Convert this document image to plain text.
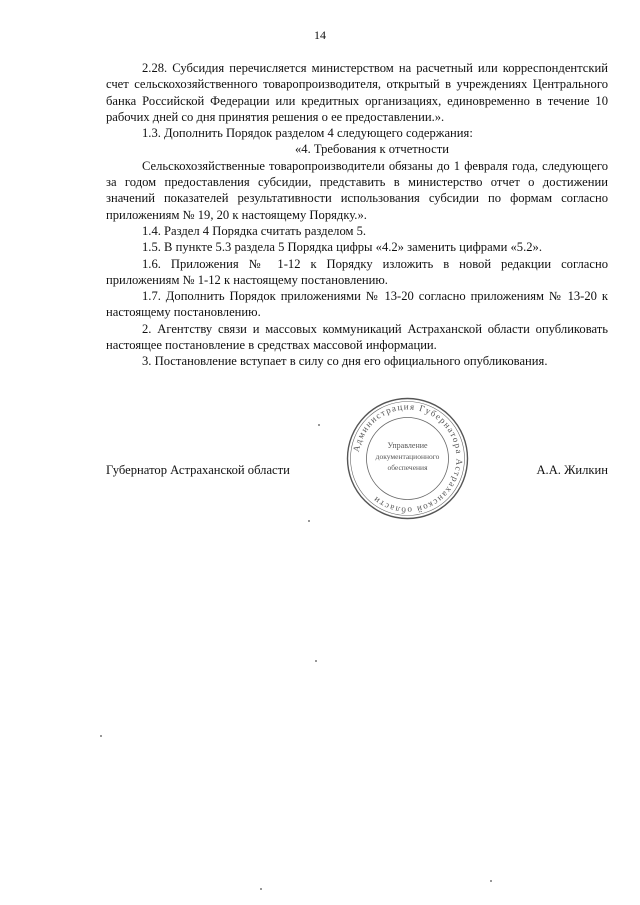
14

2.28. Субсидия перечисляется министерством на расчетный или корреспондентский счет сельскохозяйственного товаропроизводителя, открытый в учреждениях Центрального банка Российской Федерации или кредитных организациях, единовременно в течение 10 рабочих дней со дня принятия решения о ее предоставлении.».

1.3. Дополнить Порядок разделом 4 следующего содержания:

«4. Требования к отчетности

Сельскохозяйственные товаропроизводители обязаны до 1 февраля года, следующего за годом предоставления субсидии, представить в министерство отчет о достижении значений показателей результативности использования субсидии по формам согласно приложениям № 19, 20 к настоящему Порядку.».

1.4. Раздел 4 Порядка считать разделом 5.

1.5. В пункте 5.3 раздела 5 Порядка цифры «4.2» заменить цифрами «5.2».

1.6. Приложения № 1-12 к Порядку изложить в новой редакции согласно приложениям № 1-12 к настоящему постановлению.

1.7. Дополнить Порядок приложениями № 13-20 согласно приложениям № 13-20 к настоящему постановлению.

2. Агентству связи и массовых коммуникаций Астраханской области опубликовать настоящее постановление в средствах массовой информации.

3. Постановление вступает в силу со дня его официального опубликования.

Администрация Губернатора Астраханской области
Управление
документационного
обеспечения
Губернатор Астраханской области	А.А. Жилкин
